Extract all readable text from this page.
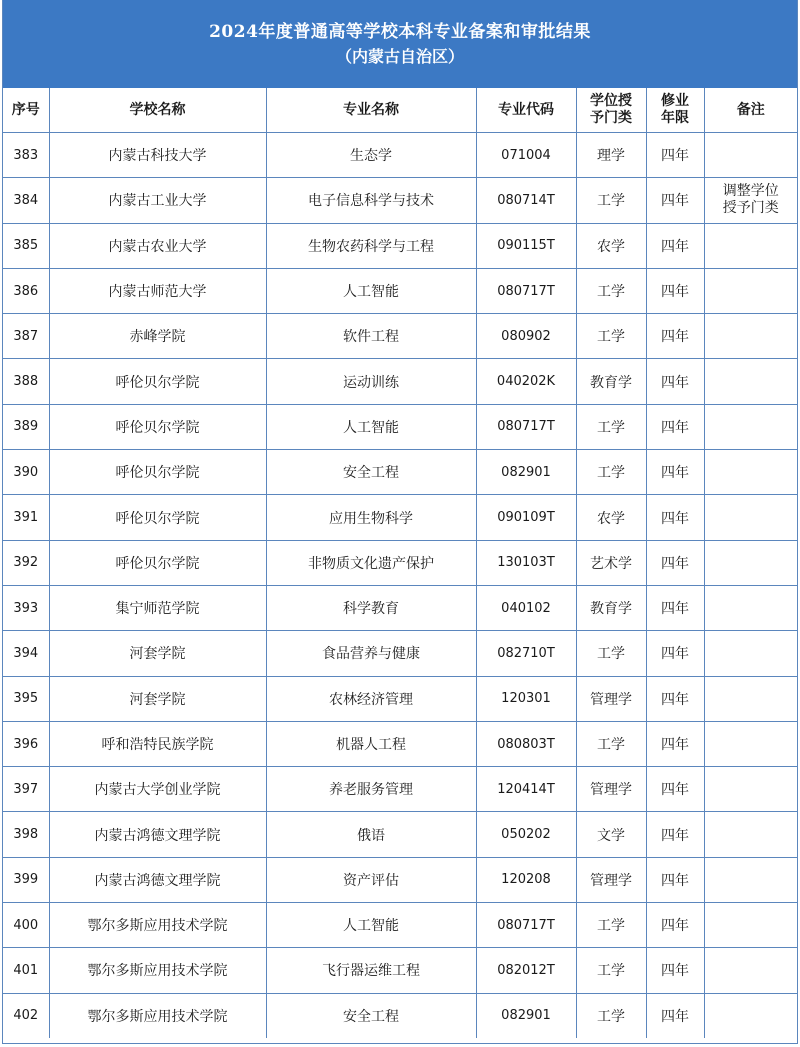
2024年度普通高等学校本科专业备案和审批结果
（内蒙古自治区）
序号	学校名称	专业名称	专业代码	学位授予门类	修业年限	备注
383	内蒙古科技大学	生态学	071004	理学	四年	
384	内蒙古工业大学	电子信息科学与技术	080714T	工学	四年	调整学位授予门类
385	内蒙古农业大学	生物农药科学与工程	090115T	农学	四年	
386	内蒙古师范大学	人工智能	080717T	工学	四年	
387	赤峰学院	软件工程	080902	工学	四年	
388	呼伦贝尔学院	运动训练	040202K	教育学	四年	
389	呼伦贝尔学院	人工智能	080717T	工学	四年	
390	呼伦贝尔学院	安全工程	082901	工学	四年	
391	呼伦贝尔学院	应用生物科学	090109T	农学	四年	
392	呼伦贝尔学院	非物质文化遗产保护	130103T	艺术学	四年	
393	集宁师范学院	科学教育	040102	教育学	四年	
394	河套学院	食品营养与健康	082710T	工学	四年	
395	河套学院	农林经济管理	120301	管理学	四年	
396	呼和浩特民族学院	机器人工程	080803T	工学	四年	
397	内蒙古大学创业学院	养老服务管理	120414T	管理学	四年	
398	内蒙古鸿德文理学院	俄语	050202	文学	四年	
399	内蒙古鸿德文理学院	资产评估	120208	管理学	四年	
400	鄂尔多斯应用技术学院	人工智能	080717T	工学	四年	
401	鄂尔多斯应用技术学院	飞行器运维工程	082012T	工学	四年	
402	鄂尔多斯应用技术学院	安全工程	082901	工学	四年	
